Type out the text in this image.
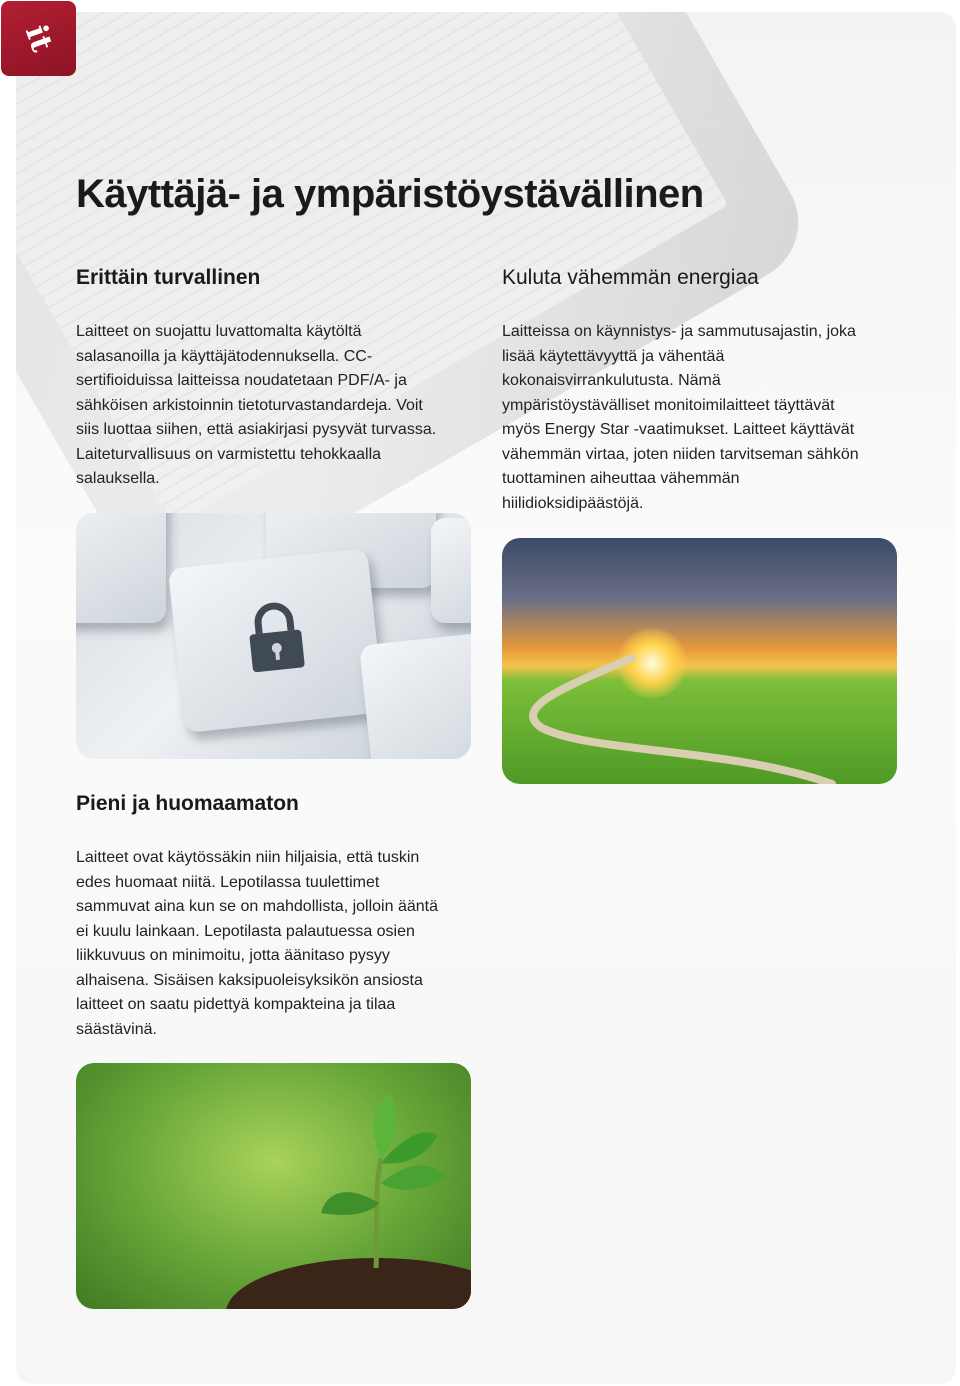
it
Käyttäjä- ja ympäristöystävällinen
Erittäin turvallinen

Laitteet on suojattu luvattomalta käytöltä
salasanoilla ja käyttäjätodennuksella. CC-
sertifioiduissa laitteissa noudatetaan PDF/A- ja
sähköisen arkistoinnin tietoturvastandardeja. Voit
siis luottaa siihen, että asiakirjasi pysyvät turvassa.
Laiteturvallisuus on varmistettu tehokkaalla
salauksella.

Kuluta vähemmän energiaa

Laitteissa on käynnistys- ja sammutusajastin, joka
lisää käytettävyyttä ja vähentää
kokonaisvirrankulutusta. Nämä
ympäristöystävälliset monitoimilaitteet täyttävät
myös Energy Star -vaatimukset. Laitteet käyttävät
vähemmän virtaa, joten niiden tarvitseman sähkön
tuottaminen aiheuttaa vähemmän
hiilidioksidipäästöjä.

Pieni ja huomaamaton

Laitteet ovat käytössäkin niin hiljaisia, että tuskin
edes huomaat niitä. Lepotilassa tuulettimet
sammuvat aina kun se on mahdollista, jolloin ääntä
ei kuulu lainkaan. Lepotilasta palautuessa osien
liikkuvuus on minimoitu, jotta äänitaso pysyy
alhaisena. Sisäisen kaksipuoleisyksikön ansiosta
laitteet on saatu pidettyä kompakteina ja tilaa
säästävinä.
